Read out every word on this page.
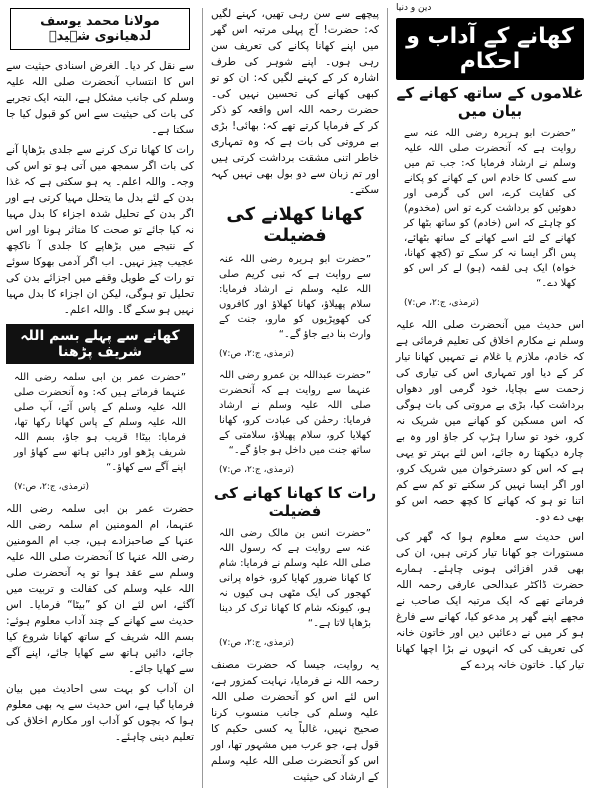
دین و دنیا
کھانے کے آداب و احکام
غلاموں کے ساتھ کھانے کے بیان میں

”حضرت ابو ہریرہ رضی اللہ عنہ سے روایت ہے کہ آنحضرت صلی اللہ علیہ وسلم نے ارشاد فرمایا کہ: جب تم میں سے کسی کا خادم اس کے کھانے کو پکانے کی کفایت کرے، اس کی گرمی اور دھوئیں کو برداشت کرے تو اس (مخدوم) کو چاہئے کہ اس (خادم) کو ساتھ بٹھا کر کھانے کے لئے اسے کھانے کے ساتھ بٹھائے، پس اگر ایسا نہ کر سکے تو (کچھ کھانا، خواہ) ایک ہی لقمہ (ہو) لے کر اس کو کھلا دے۔“

(ترمذی، ج:۲، ص:۷)

اس حدیث میں آنحضرت صلی اللہ علیہ وسلم نے مکارم اخلاق کی تعلیم فرمائی ہے کہ خادم، ملازم یا غلام نے تمہیں کھانا تیار کر کے دیا اور تمہاری اس کی تیاری کی زحمت سے بچایا، خود گرمی اور دھواں برداشت کیا، بڑی بے مروتی کی بات ہوگی کہ اس مسکین کو کھانے میں شریک نہ کرو، خود تو سارا ہڑپ کر جاؤ اور وہ بے چارہ دیکھتا رہ جائے، اس لئے بہتر تو یہی ہے کہ اس کو دسترخوان میں شریک کرو، اور اگر ایسا نہیں کر سکتے تو کم سے کم اتنا تو ہو کہ کھانے کا کچھ حصہ اس کو بھی دے دو۔

اس حدیث سے معلوم ہوا کہ گھر کی مستورات جو کھانا تیار کرتی ہیں، ان کی بھی قدر افزائی ہونی چاہئے۔ ہمارے حضرت ڈاکٹر عبدالحی عارفی رحمہ اللہ فرماتے تھے کہ ایک مرتبہ ایک صاحب نے مجھے اپنے گھر پر مدعو کیا، کھانے سے فارغ ہو کر میں نے دعائیں دیں اور خاتون خانہ کی تعریف کی کہ انہوں نے بڑا اچھا کھانا تیار کیا۔ خاتون خانہ پردے کے

پیچھے سے سن رہی تھیں، کہنے لگیں کہ: حضرت! آج پہلی مرتبہ اس گھر میں اپنے کھانا پکانے کی تعریف سن رہی ہوں۔ اپنے شوہر کی طرف اشارہ کر کے کہنے لگیں کہ: ان کو تو کبھی کھانے کی تحسین نہیں کی۔ حضرت رحمہ اللہ اس واقعہ کو ذکر کر کے فرمایا کرتے تھے کہ: بھائی! بڑی بے مروتی کی بات ہے کہ وہ تمہاری خاطر اتنی مشقت برداشت کرتی ہیں اور تم زبان سے دو بول بھی نہیں کہہ سکتے۔

کھانا کھلانے کی فضیلت

”حضرت ابو ہریرہ رضی اللہ عنہ سے روایت ہے کہ نبی کریم صلی اللہ علیہ وسلم نے ارشاد فرمایا: سلام پھیلاؤ، کھانا کھلاؤ اور کافروں کی کھوپڑیوں کو مارو، جنت کے وارث بنا دیے جاؤ گے۔“

(ترمذی، ج:۲، ص:۷)

”حضرت عبداللہ بن عمرو رضی اللہ عنہما سے روایت ہے کہ آنحضرت صلی اللہ علیہ وسلم نے ارشاد فرمایا: رحمٰن کی عبادت کرو، کھانا کھلایا کرو، سلام پھیلاؤ، سلامتی کے ساتھ جنت میں داخل ہو جاؤ گے۔“

(ترمذی، ج:۲، ص:۷)

رات کا کھانا کھانے کی فضیلت

”حضرت انس بن مالک رضی اللہ عنہ سے روایت ہے کہ رسول اللہ صلی اللہ علیہ وسلم نے فرمایا: شام کا کھانا ضرور کھایا کرو، خواہ پرانی کھجور کی ایک مٹھی ہی کیوں نہ ہو، کیونکہ شام کا کھانا ترک کر دینا بڑھاپا لاتا ہے۔“

(ترمذی، ج:۲، ص:۷)

یہ روایت، جیسا کہ حضرت مصنف رحمہ اللہ نے فرمایا، نہایت کمزور ہے، اس لئے اس کو آنحضرت صلی اللہ علیہ وسلم کی جانب منسوب کرنا صحیح نہیں، غالباً یہ کسی حکیم کا قول ہے، جو عرب میں مشہور تھا، اور اس کو آنحضرت صلی اللہ علیہ وسلم کے ارشاد کی حیثیت

مولانا محمد یوسف لدھیانوی شہیدؒ

سے نقل کر دیا۔ الغرض اسنادی حیثیت سے اس کا انتساب آنحضرت صلی اللہ علیہ وسلم کی جانب مشکل ہے، البتہ ایک تجربے کی بات کی حیثیت سے اس کو قبول کیا جا سکتا ہے۔

رات کا کھانا ترک کرنے سے جلدی بڑھاپا آنے کی بات اگر سمجھ میں آتی ہو تو اس کی وجہ۔ واللہ اعلم۔ یہ ہو سکتی ہے کہ غذا بدن کے لئے بدل ما یتحلل مہیا کرتی ہے اور اگر بدن کے تحلیل شدہ اجزاء کا بدل مہیا نہ کیا جائے تو صحت کا متاثر ہونا اور اس کے نتیجے میں بڑھاپے کا جلدی آ ناکچھ عجیب چیز نہیں۔ اب اگر آدمی بھوکا سوئے تو رات کے طویل وقفے میں اجزائے بدن کی تحلیل تو ہوگی، لیکن ان اجزاء کا بدل مہیا نہیں ہو سکے گا۔ واللہ اعلم۔

کھانے سے پہلے بسم اللہ شریف پڑھنا

”حضرت عمر بن ابی سلمہ رضی اللہ عنہما فرماتے ہیں کہ: وہ آنحضرت صلی اللہ علیہ وسلم کے پاس آئے، آپ صلی اللہ علیہ وسلم کے پاس کھانا رکھا تھا، فرمایا: بیٹا! قریب ہو جاؤ، بسم اللہ شریف پڑھو اور دائیں ہاتھ سے کھاؤ اور اپنے آگے سے کھاؤ۔“

(ترمذی، ج:۲، ص:۷)

حضرت عمر بن ابی سلمہ رضی اللہ عنہما، ام المومنین ام سلمہ رضی اللہ عنہا کے صاحبزادے ہیں، جب ام المومنین رضی اللہ عنہا کا آنحضرت صلی اللہ علیہ وسلم سے عقد ہوا تو یہ آنحضرت صلی اللہ علیہ وسلم کی کفالت و تربیت میں آگئے، اس لئے ان کو ”بیٹا“ فرمایا۔ اس حدیث سے کھانے کے چند آداب معلوم ہوئے: بسم اللہ شریف کے ساتھ کھانا شروع کیا جائے، دائیں ہاتھ سے کھایا جائے، اپنے آگے سے کھایا جائے۔

ان آداب کو بہت سی احادیث میں بیان فرمایا گیا ہے، اس حدیث سے یہ بھی معلوم ہوا کہ بچوں کو آداب اور مکارم اخلاق کی تعلیم دینی چاہئے۔
